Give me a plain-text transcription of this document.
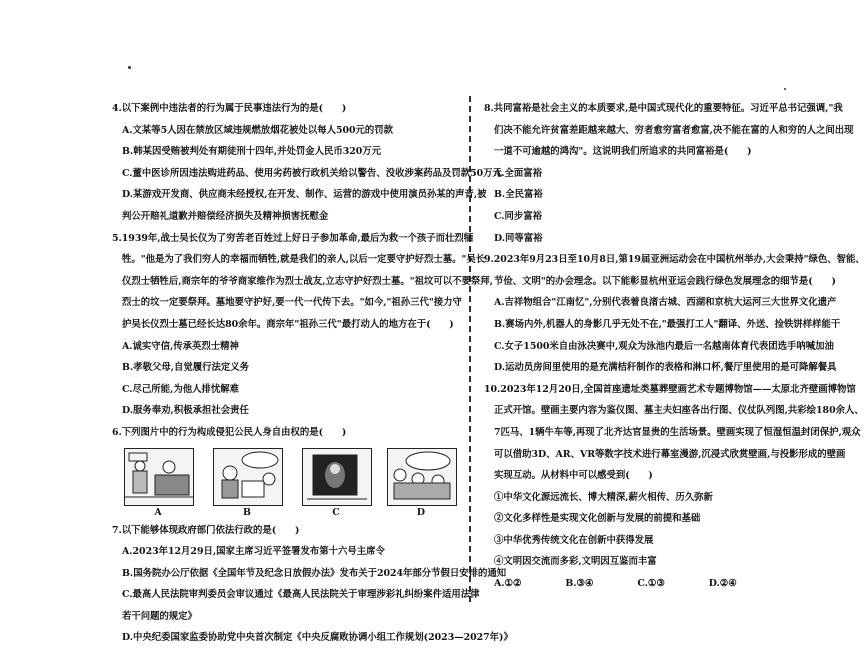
4.以下案例中违法者的行为属于民事违法行为的是(　　)
A.文某等5人因在禁放区域违规燃放烟花被处以每人500元的罚款
B.韩某因受贿被判处有期徒刑十四年,并处罚金人民币320万元
C.董中医诊所因违法购进药品、使用劣药被行政机关给以警告、没收涉案药品及罚款50万元
D.某游戏开发商、供应商未经授权,在开发、制作、运营的游戏中使用演员孙某的声音,被
判公开赔礼道歉并赔偿经济损失及精神损害抚慰金
5.1939年,战士吴长仪为了穷苦老百姓过上好日子参加革命,最后为救一个孩子而壮烈牺
牲。"他是为了我们穷人的幸福而牺牲,就是我们的亲人,以后一定要守护好烈士墓。"吴长
仪烈士牺牲后,商宗年的爷爷商家维作为烈士战友,立志守护好烈士墓。"祖坟可以不要祭拜,
烈士的坟一定要祭拜。墓地要守护好,要一代一代传下去。"如今,"祖孙三代"接力守
护吴长仪烈士墓已经长达80余年。商宗年"祖孙三代"最打动人的地方在于(　　)
A.诚实守信,传承英烈士精神
B.孝敬父母,自觉履行法定义务
C.尽己所能,为他人排忧解难
D.服务奉劝,积极承担社会责任
6.下列图片中的行为构成侵犯公民人身自由权的是(　　)
A	B	C	D
7.以下能够体现政府部门依法行政的是(　　)
A.2023年12月29日,国家主席习近平签署发布第十六号主席令
B.国务院办公厅依据《全国年节及纪念日放假办法》发布关于2024年部分节假日安排的通知
C.最高人民法院审判委员会审议通过《最高人民法院关于审理涉彩礼纠纷案件适用法律
若干问题的规定》
D.中央纪委国家监委协助党中央首次制定《中央反腐败协调小组工作规划(2023—2027年)》
8.共同富裕是社会主义的本质要求,是中国式现代化的重要特征。习近平总书记强调,"我
们决不能允许贫富差距越来越大、穷者愈穷富者愈富,决不能在富的人和穷的人之间出现
一道不可逾越的鸿沟"。这说明我们所追求的共同富裕是(　　)
A.全面富裕
B.全民富裕
C.同步富裕
D.同等富裕
9.2023年9月23日至10月8日,第19届亚洲运动会在中国杭州举办,大会秉持"绿色、智能、
节俭、文明"的办会理念。以下能彰显杭州亚运会践行绿色发展理念的细节是(　　)
A.吉祥物组合"江南忆",分别代表着良渚古城、西湖和京杭大运河三大世界文化遗产
B.赛场内外,机器人的身影几乎无处不在,"最强打工人"翻译、外送、捡铁饼样样能干
C.女子1500米自由泳决赛中,观众为泳池内最后一名越南体育代表团选手呐喊加油
D.运动员房间里使用的是充满桔秆制作的表格和淋口杯,餐厅里使用的是可降解餐具
10.2023年12月20日,全国首座遗址类墓葬壁画艺术专题博物馆——太原北齐壁画博物馆
正式开馆。壁画主要内容为鉴仪图、墓主夫妇座各出行图、仪仗队列图,共彩绘180余人、
7匹马、1辆牛车等,再现了北齐达官显贵的生活场景。壁画实现了恒湿恒温封闭保护,观众
可以借助3D、AR、VR等数字技术进行幕室漫游,沉浸式欣赏壁画,与投影形成的壁画
实现互动。从材料中可以感受到(　　)
①中华文化源远流长、博大精深,薪火相传、历久弥新
②文化多样性是实现文化创新与发展的前提和基础
③中华优秀传统文化在创新中获得发展
④文明因交流而多彩,文明因互鉴而丰富
A.①②	B.③④	C.①③	D.②④
